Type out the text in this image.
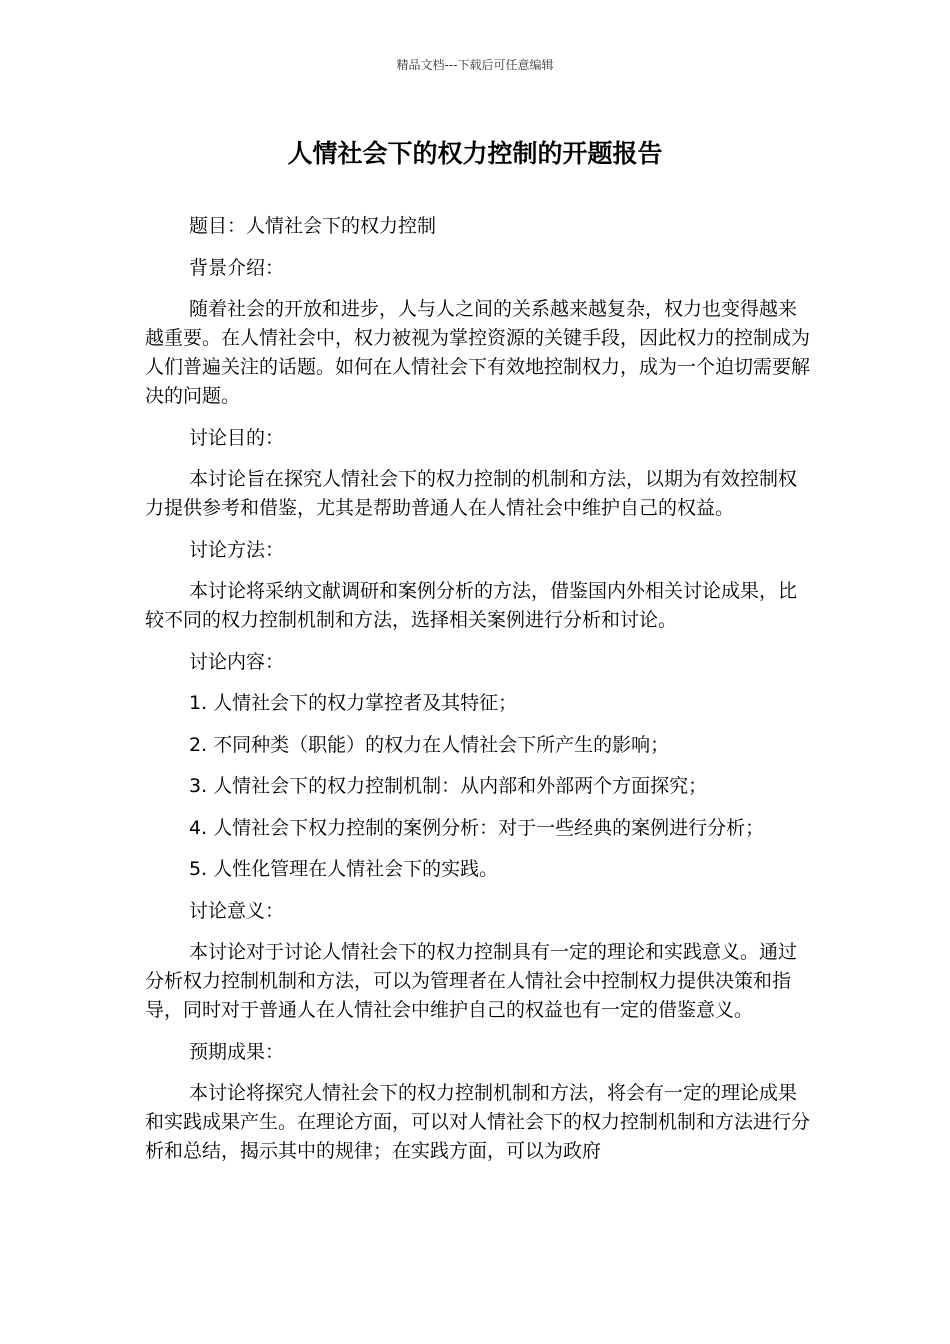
精品文档---下载后可任意编辑
人情社会下的权力控制的开题报告

题目：人情社会下的权力控制

背景介绍：

随着社会的开放和进步，人与人之间的关系越来越复杂，权力也变得越来越重要。在人情社会中，权力被视为掌控资源的关键手段，因此权力的控制成为人们普遍关注的话题。如何在人情社会下有效地控制权力，成为一个迫切需要解决的问题。

讨论目的：

本讨论旨在探究人情社会下的权力控制的机制和方法，以期为有效控制权力提供参考和借鉴，尤其是帮助普通人在人情社会中维护自己的权益。

讨论方法：

本讨论将采纳文献调研和案例分析的方法，借鉴国内外相关讨论成果，比较不同的权力控制机制和方法，选择相关案例进行分析和讨论。

讨论内容：

1. 人情社会下的权力掌控者及其特征；

2. 不同种类（职能）的权力在人情社会下所产生的影响；

3. 人情社会下的权力控制机制：从内部和外部两个方面探究；

4. 人情社会下权力控制的案例分析：对于一些经典的案例进行分析；

5. 人性化管理在人情社会下的实践。

讨论意义：

本讨论对于讨论人情社会下的权力控制具有一定的理论和实践意义。通过分析权力控制机制和方法，可以为管理者在人情社会中控制权力提供决策和指导，同时对于普通人在人情社会中维护自己的权益也有一定的借鉴意义。

预期成果：

本讨论将探究人情社会下的权力控制机制和方法，将会有一定的理论成果和实践成果产生。在理论方面，可以对人情社会下的权力控制机制和方法进行分析和总结，揭示其中的规律；在实践方面，可以为政府
